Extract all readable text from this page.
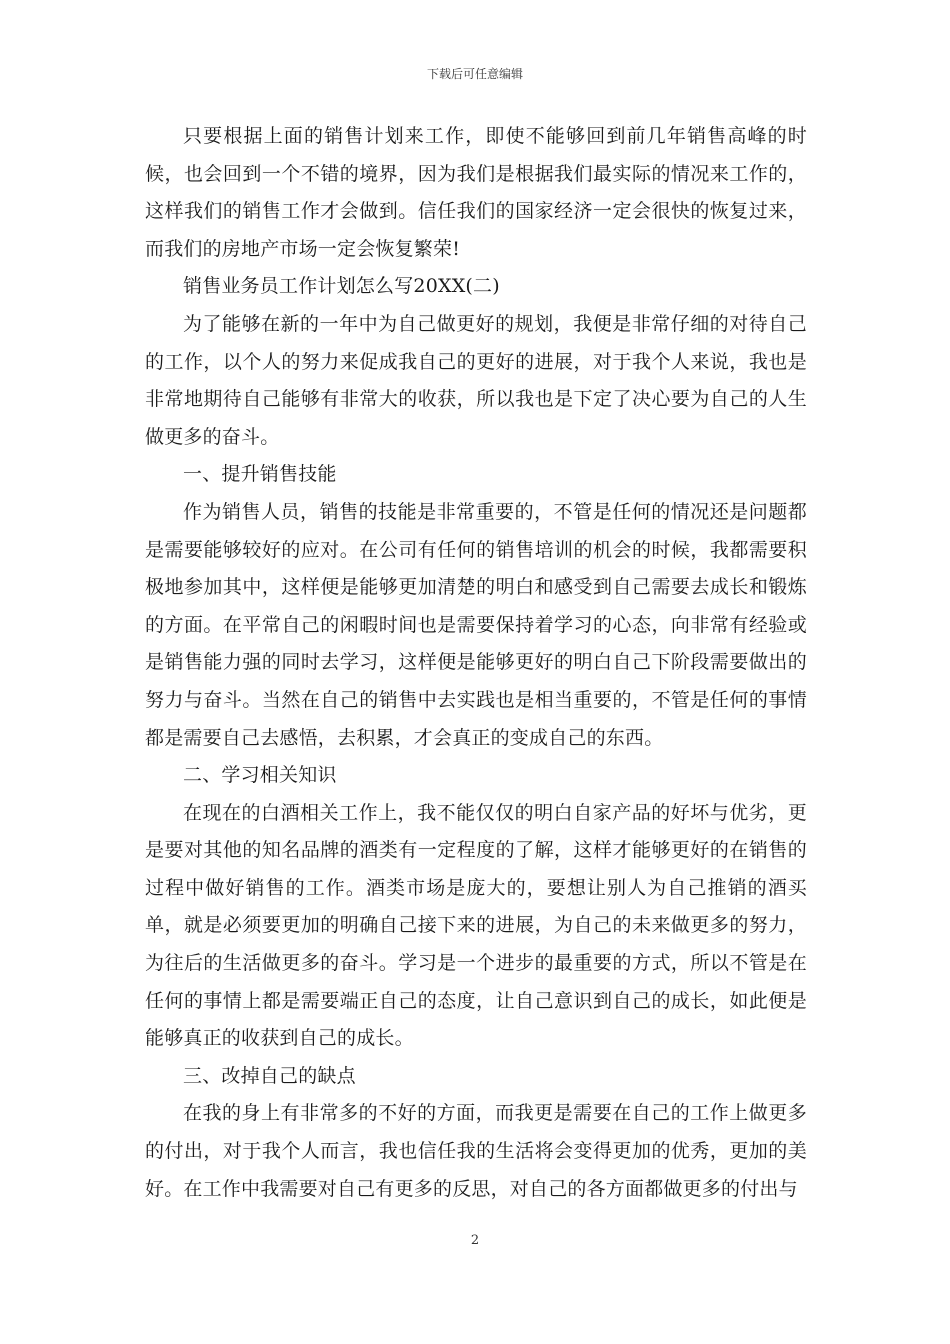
下载后可任意编辑

只要根据上面的销售计划来工作，即使不能够回到前几年销售高峰的时候，也会回到一个不错的境界，因为我们是根据我们最实际的情况来工作的，这样我们的销售工作才会做到。信任我们的国家经济一定会很快的恢复过来，而我们的房地产市场一定会恢复繁荣!

销售业务员工作计划怎么写20XX(二)

为了能够在新的一年中为自己做更好的规划，我便是非常仔细的对待自己的工作，以个人的努力来促成我自己的更好的进展，对于我个人来说，我也是非常地期待自己能够有非常大的收获，所以我也是下定了决心要为自己的人生做更多的奋斗。

一、提升销售技能

作为销售人员，销售的技能是非常重要的，不管是任何的情况还是问题都是需要能够较好的应对。在公司有任何的销售培训的机会的时候，我都需要积极地参加其中，这样便是能够更加清楚的明白和感受到自己需要去成长和锻炼的方面。在平常自己的闲暇时间也是需要保持着学习的心态，向非常有经验或是销售能力强的同时去学习，这样便是能够更好的明白自己下阶段需要做出的努力与奋斗。当然在自己的销售中去实践也是相当重要的，不管是任何的事情都是需要自己去感悟，去积累，才会真正的变成自己的东西。

二、学习相关知识

在现在的白酒相关工作上，我不能仅仅的明白自家产品的好坏与优劣，更是要对其他的知名品牌的酒类有一定程度的了解，这样才能够更好的在销售的过程中做好销售的工作。酒类市场是庞大的，要想让别人为自己推销的酒买单，就是必须要更加的明确自己接下来的进展，为自己的未来做更多的努力，为往后的生活做更多的奋斗。学习是一个进步的最重要的方式，所以不管是在任何的事情上都是需要端正自己的态度，让自己意识到自己的成长，如此便是能够真正的收获到自己的成长。

三、改掉自己的缺点

在我的身上有非常多的不好的方面，而我更是需要在自己的工作上做更多的付出，对于我个人而言，我也信任我的生活将会变得更加的优秀，更加的美好。在工作中我需要对自己有更多的反思，对自己的各方面都做更多的付出与

2
